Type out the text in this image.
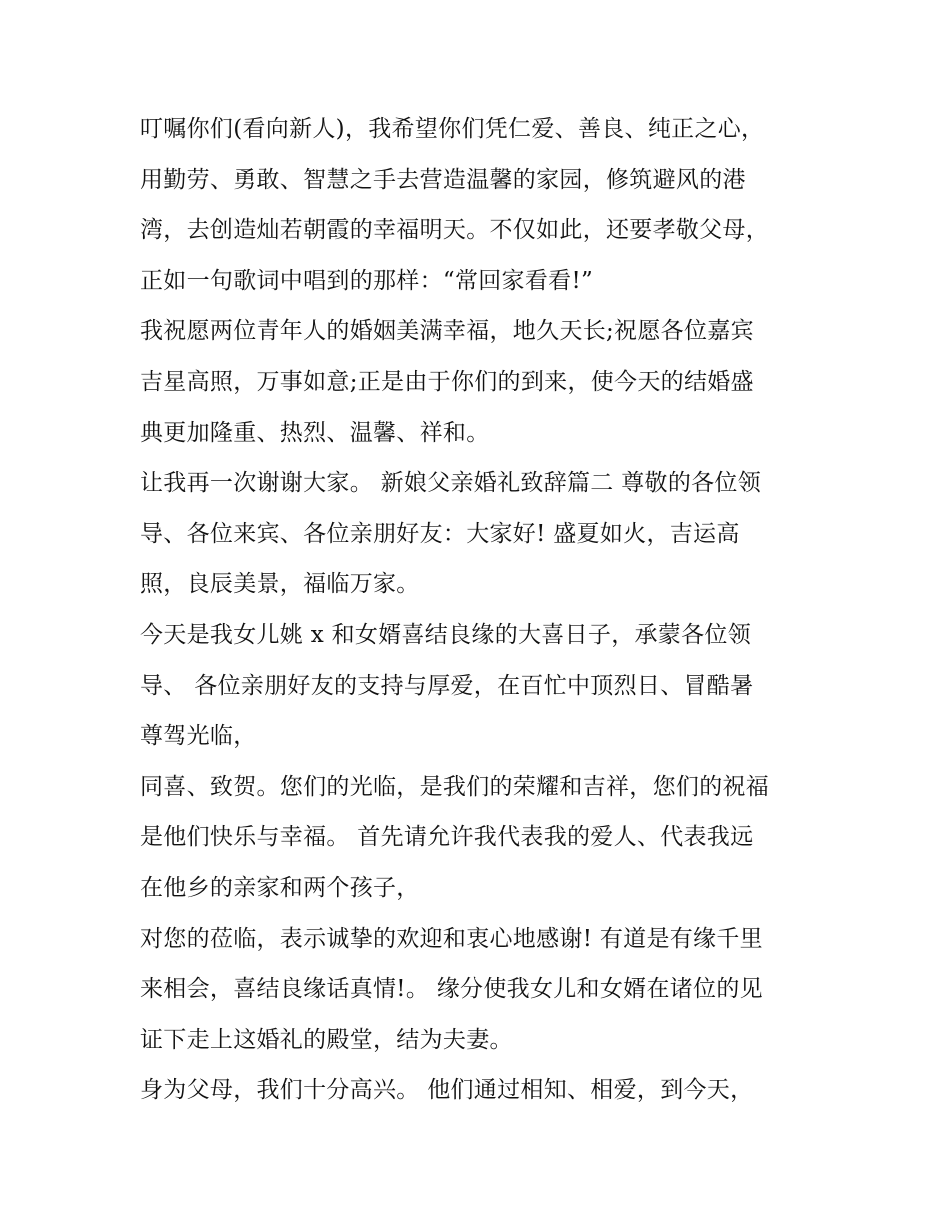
叮嘱你们(看向新人)，我希望你们凭仁爱、善良、纯正之心，
用勤劳、勇敢、智慧之手去营造温馨的家园，修筑避风的港
湾，去创造灿若朝霞的幸福明天。不仅如此，还要孝敬父母，
正如一句歌词中唱到的那样：“常回家看看!”
我祝愿两位青年人的婚姻美满幸福，地久天长;祝愿各位嘉宾
吉星高照，万事如意;正是由于你们的到来，使今天的结婚盛
典更加隆重、热烈、温馨、祥和。
让我再一次谢谢大家。 新娘父亲婚礼致辞篇二 尊敬的各位领
导、各位来宾、各位亲朋好友：大家好! 盛夏如火，吉运高
照，良辰美景，福临万家。
今天是我女儿姚 x 和女婿喜结良缘的大喜日子，承蒙各位领
导、 各位亲朋好友的支持与厚爱，在百忙中顶烈日、冒酷暑
尊驾光临，
同喜、致贺。您们的光临，是我们的荣耀和吉祥，您们的祝福
是他们快乐与幸福。 首先请允许我代表我的爱人、代表我远
在他乡的亲家和两个孩子，
对您的莅临，表示诚挚的欢迎和衷心地感谢! 有道是有缘千里
来相会，喜结良缘话真情!。 缘分使我女儿和女婿在诸位的见
证下走上这婚礼的殿堂，结为夫妻。
身为父母，我们十分高兴。 他们通过相知、相爱，到今天，
